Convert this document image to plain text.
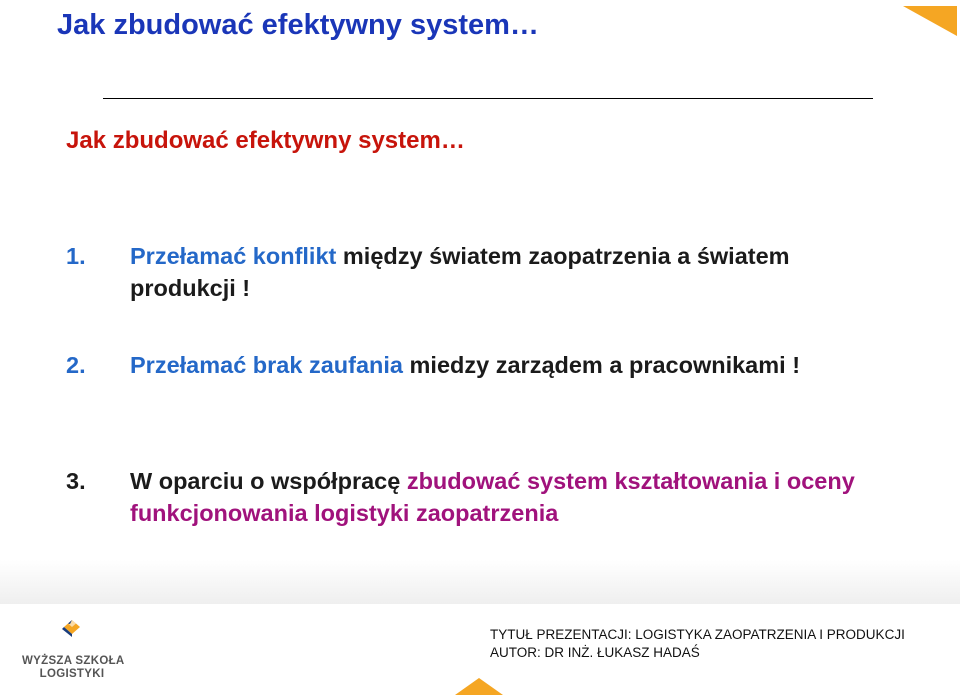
Jak zbudować efektywny system…
Jak zbudować efektywny system…
1. Przełamać konflikt między światem zaopatrzenia a światem produkcji !
2. Przełamać brak zaufania miedzy zarządem a pracownikami !
3. W oparciu o współpracę zbudować system kształtowania i oceny funkcjonowania logistyki zaopatrzenia
WYŻSZA SZKOŁA
LOGISTYKI
TYTUŁ PREZENTACJI: LOGISTYKA ZAOPATRZENIA I PRODUKCJI
AUTOR: DR INŻ. ŁUKASZ HADAŚ
